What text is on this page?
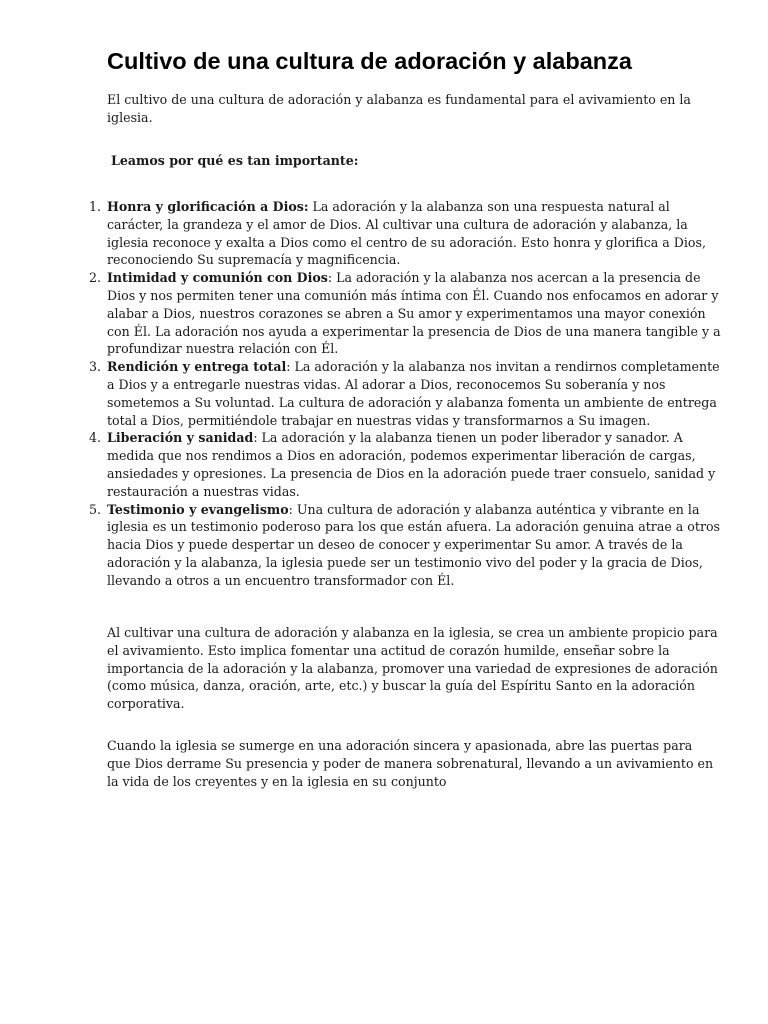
Cultivo de una cultura de adoración y alabanza

El cultivo de una cultura de adoración y alabanza es fundamental para el avivamiento en la iglesia.

Leamos por qué es tan importante:

1. Honra y glorificación a Dios: La adoración y la alabanza son una respuesta natural al carácter, la grandeza y el amor de Dios. Al cultivar una cultura de adoración y alabanza, la iglesia reconoce y exalta a Dios como el centro de su adoración. Esto honra y glorifica a Dios, reconociendo Su supremacía y magnificencia.
2. Intimidad y comunión con Dios: La adoración y la alabanza nos acercan a la presencia de Dios y nos permiten tener una comunión más íntima con Él. Cuando nos enfocamos en adorar y alabar a Dios, nuestros corazones se abren a Su amor y experimentamos una mayor conexión con Él. La adoración nos ayuda a experimentar la presencia de Dios de una manera tangible y a profundizar nuestra relación con Él.
3. Rendición y entrega total: La adoración y la alabanza nos invitan a rendirnos completamente a Dios y a entregarle nuestras vidas. Al adorar a Dios, reconocemos Su soberanía y nos sometemos a Su voluntad. La cultura de adoración y alabanza fomenta un ambiente de entrega total a Dios, permitiéndole trabajar en nuestras vidas y transformarnos a Su imagen.
4. Liberación y sanidad: La adoración y la alabanza tienen un poder liberador y sanador. A medida que nos rendimos a Dios en adoración, podemos experimentar liberación de cargas, ansiedades y opresiones. La presencia de Dios en la adoración puede traer consuelo, sanidad y restauración a nuestras vidas.
5. Testimonio y evangelismo: Una cultura de adoración y alabanza auténtica y vibrante en la iglesia es un testimonio poderoso para los que están afuera. La adoración genuina atrae a otros hacia Dios y puede despertar un deseo de conocer y experimentar Su amor. A través de la adoración y la alabanza, la iglesia puede ser un testimonio vivo del poder y la gracia de Dios, llevando a otros a un encuentro transformador con Él.

Al cultivar una cultura de adoración y alabanza en la iglesia, se crea un ambiente propicio para el avivamiento. Esto implica fomentar una actitud de corazón humilde, enseñar sobre la importancia de la adoración y la alabanza, promover una variedad de expresiones de adoración (como música, danza, oración, arte, etc.) y buscar la guía del Espíritu Santo en la adoración corporativa.

Cuando la iglesia se sumerge en una adoración sincera y apasionada, abre las puertas para que Dios derrame Su presencia y poder de manera sobrenatural, llevando a un avivamiento en la vida de los creyentes y en la iglesia en su conjunto
